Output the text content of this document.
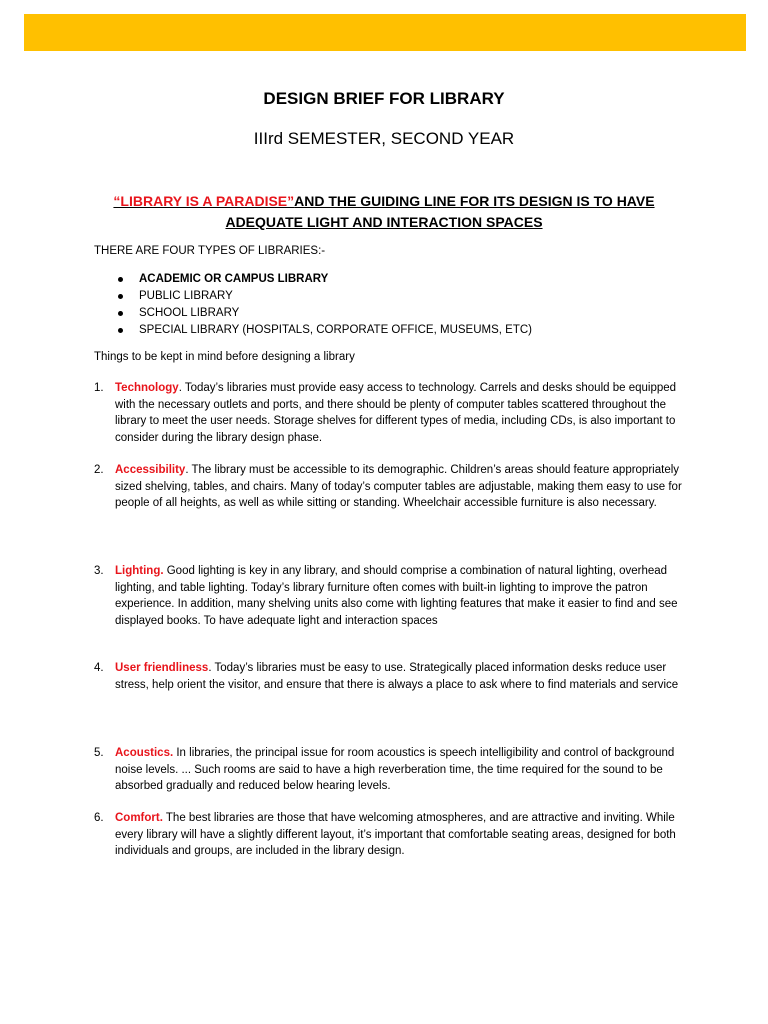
DESIGN BRIEF FOR LIBRARY
IIIrd SEMESTER, SECOND YEAR
“LIBRARY IS A PARADISE”AND THE GUIDING LINE FOR ITS DESIGN IS TO HAVE ADEQUATE LIGHT AND INTERACTION SPACES
THERE ARE FOUR TYPES OF LIBRARIES:-
ACADEMIC OR CAMPUS LIBRARY
PUBLIC LIBRARY
SCHOOL LIBRARY
SPECIAL LIBRARY (HOSPITALS, CORPORATE OFFICE, MUSEUMS, ETC)
Things to be kept in mind before designing a library
1. Technology. Today’s libraries must provide easy access to technology. Carrels and desks should be equipped with the necessary outlets and ports, and there should be plenty of computer tables scattered throughout the library to meet the user needs. Storage shelves for different types of media, including CDs, is also important to consider during the library design phase.
2. Accessibility. The library must be accessible to its demographic. Children’s areas should feature appropriately sized shelving, tables, and chairs. Many of today’s computer tables are adjustable, making them easy to use for people of all heights, as well as while sitting or standing. Wheelchair accessible furniture is also necessary.
3. Lighting. Good lighting is key in any library, and should comprise a combination of natural lighting, overhead lighting, and table lighting. Today’s library furniture often comes with built-in lighting to improve the patron experience. In addition, many shelving units also come with lighting features that make it easier to find and see displayed books. To have adequate light and interaction spaces
4. User friendliness. Today’s libraries must be easy to use. Strategically placed information desks reduce user stress, help orient the visitor, and ensure that there is always a place to ask where to find materials and service
5. Acoustics. In libraries, the principal issue for room acoustics is speech intelligibility and control of background noise levels. ... Such rooms are said to have a high reverberation time, the time required for the sound to be absorbed gradually and reduced below hearing levels.
6. Comfort. The best libraries are those that have welcoming atmospheres, and are attractive and inviting. While every library will have a slightly different layout, it’s important that comfortable seating areas, designed for both individuals and groups, are included in the library design.
